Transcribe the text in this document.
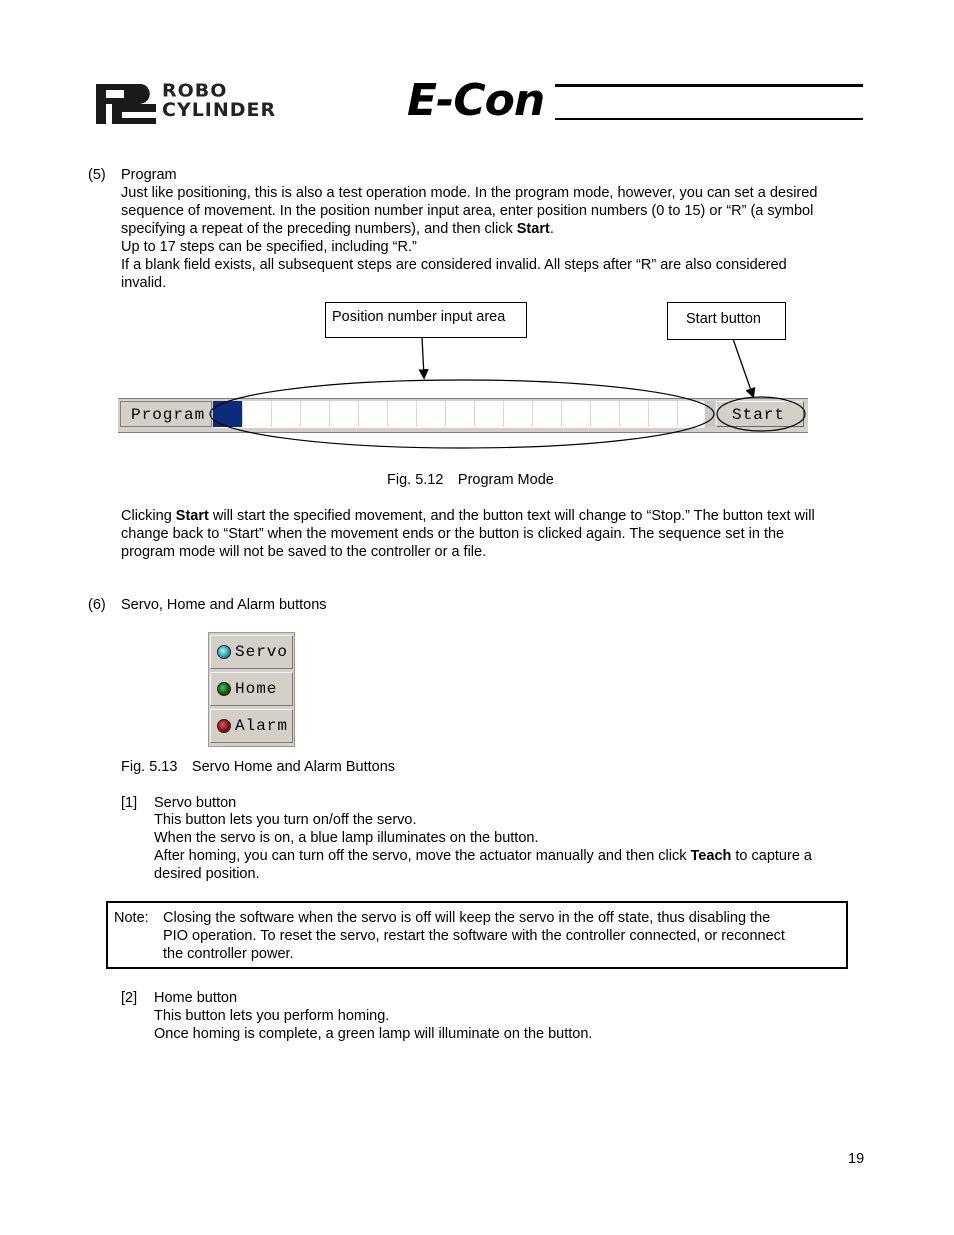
ROBO
CYLINDER	E-Con
(5) Program
Just like positioning, this is also a test operation mode. In the program mode, however, you can set a desired
sequence of movement. In the position number input area, enter position numbers (0 to 15) or “R” (a symbol
specifying a repeat of the preceding numbers), and then click Start.
Up to 17 steps can be specified, including “R.”
If a blank field exists, all subsequent steps are considered invalid. All steps after “R” are also considered
invalid.
Position number input area	Start button
Program	Start
Fig. 5.12 Program Mode
Clicking Start will start the specified movement, and the button text will change to “Stop.” The button text will
change back to “Start” when the movement ends or the button is clicked again. The sequence set in the
program mode will not be saved to the controller or a file.
(6) Servo, Home and Alarm buttons
Servo
Home
Alarm
Fig. 5.13 Servo Home and Alarm Buttons
[1] Servo button
This button lets you turn on/off the servo.
When the servo is on, a blue lamp illuminates on the button.
After homing, you can turn off the servo, move the actuator manually and then click Teach to capture a
desired position.
Note: Closing the software when the servo is off will keep the servo in the off state, thus disabling the
PIO operation. To reset the servo, restart the software with the controller connected, or reconnect
the controller power.
[2] Home button
This button lets you perform homing.
Once homing is complete, a green lamp will illuminate on the button.
19
